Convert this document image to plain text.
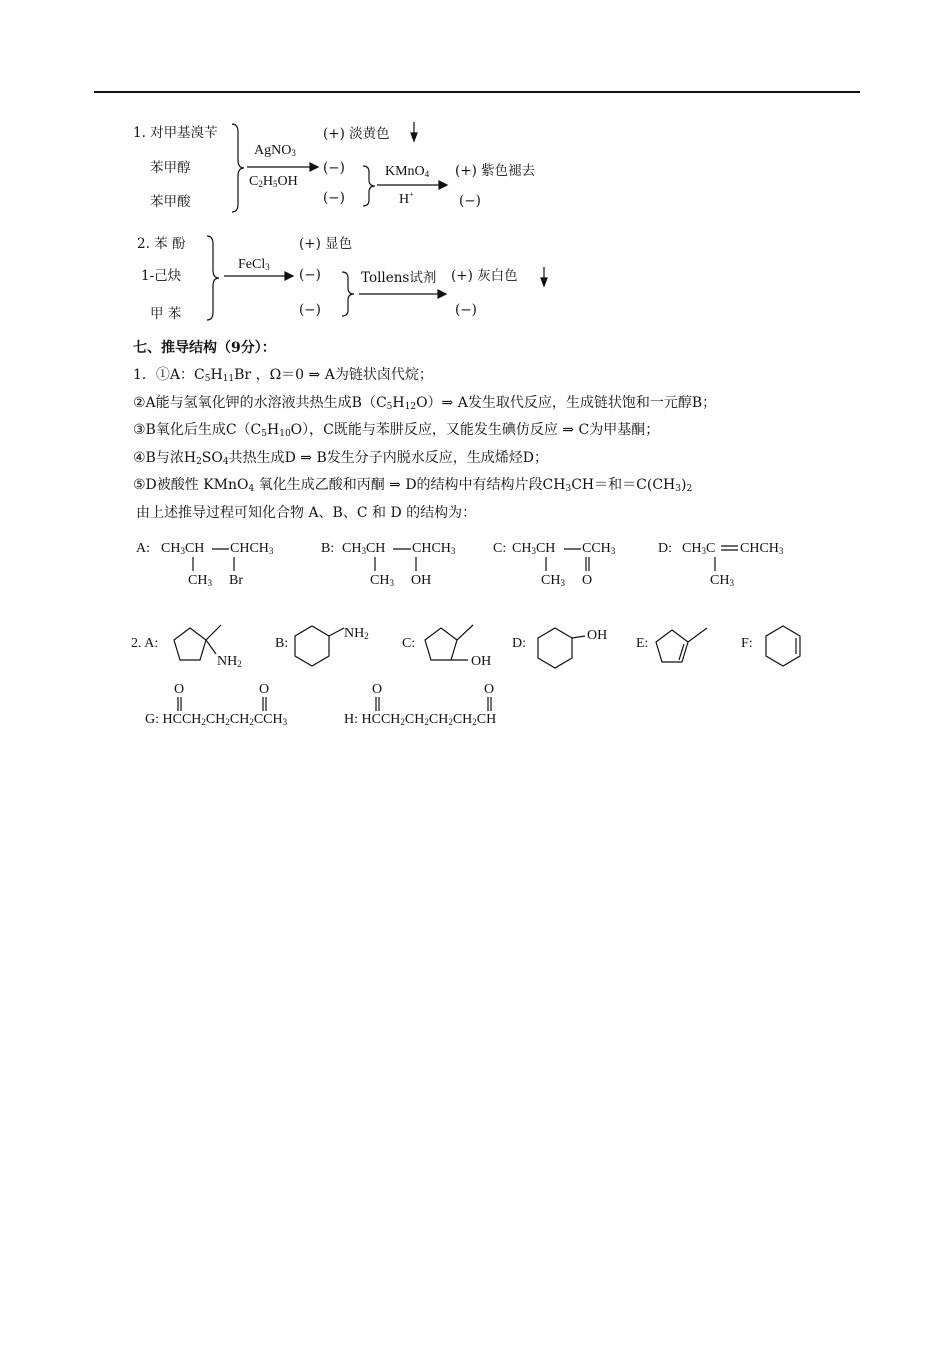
1. 对甲基溴苄
苯甲醇
苯甲酸
AgNO$_3$
$C_2H_5OH$
(+) 淡黄色
(−)
(−)
KMnO$_4$
H+
(+) 紫色褪去
(−)
2. 苯 酚
1-己炔
甲 苯
FeCl$_3$
(+) 显色
(−)
(−)
Tollens试剂 (+) 灰白色
(−)
七、推导结构（9分）：
1．①A：$C_5H_{11}Br$ ，Ω＝0 ⇒ A为链状卤代烷；
②A能与氢氧化钾的水溶液共热生成$B(C_5H_{12}O)\Rightarrow$ A发生取代反应，生成链状饱和一元醇B；
③B氧化后生成$C(C_5H_{10}O)$，C既能与苯肼反应，又能发生碘仿反应 ⇒ C为甲基酮；
④B与浓$H_2SO_4$共热生成D ⇒ B发生分子内脱水反应，生成烯烃D；
⑤D被酸性 KMnO$_4$ 氧化生成乙酸和丙酮 ⇒ D的结构中有结构片段$CH_3CH=$和$=C(CH_3)_2$
由上述推导过程可知化合物 A、B、C 和 D 的结构为：
A: $CH_3CH$ $CHCH_3$
$CH_3$ Br
B: $CH_3CH$ $CHCH_3$
$CH_3$ OH
C: $CH_3CH$ $CCH_3$
$CH_3$ O
D: $CH_3C$ $CHCH_3$
$CH_3$
2. A:
$NH_2$
B:
$NH_2$ C:
OH
D:
OH
E:	F:
O	O
G: $HCCH_2CH_2CH_2CCH_3$
O	O
H: $HCCH_2CH_2CH_2CH_2CH$
